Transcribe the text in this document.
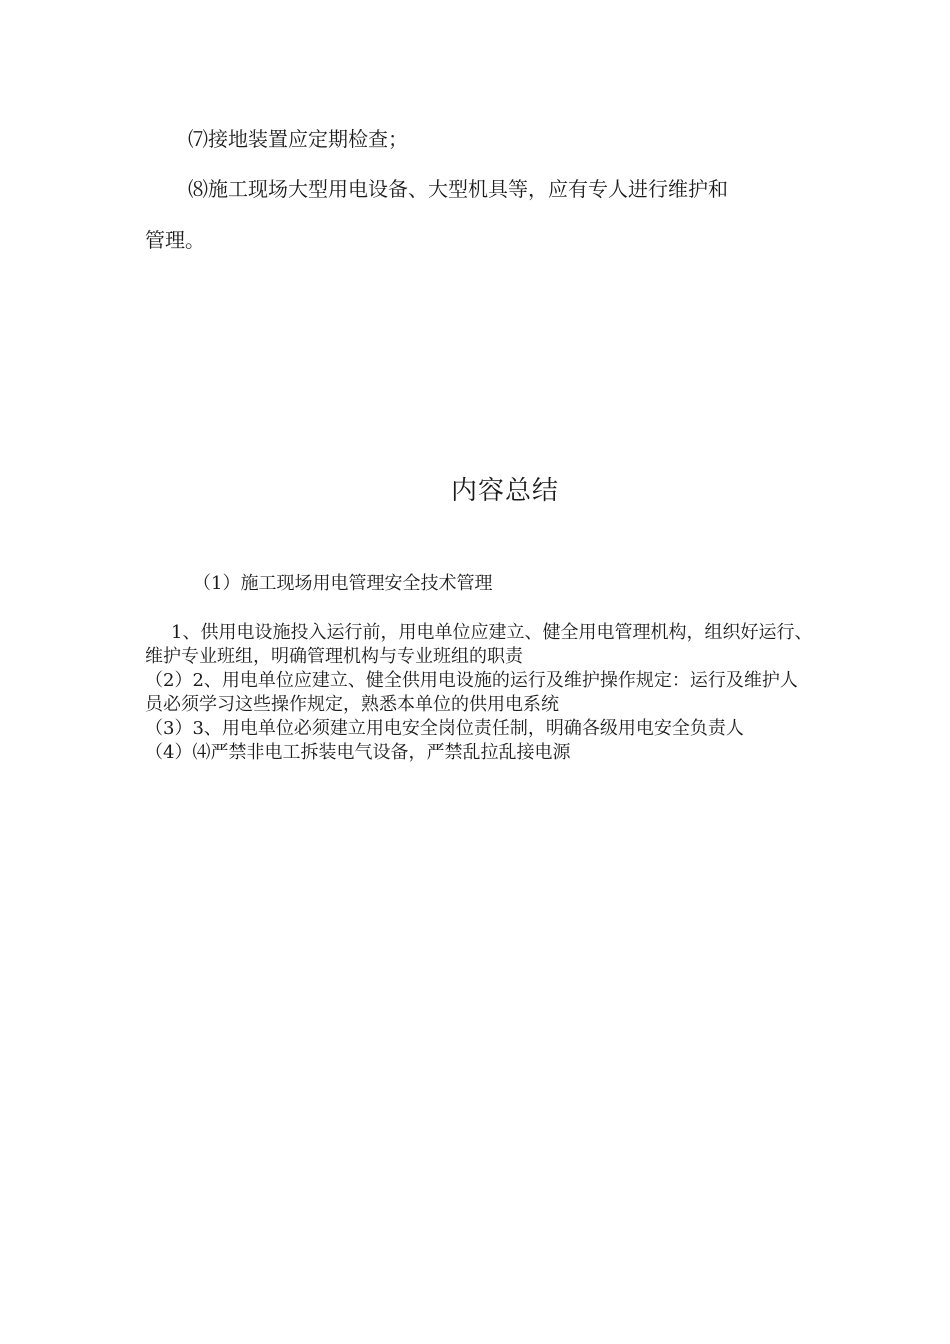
⑺接地装置应定期检查；

⑻施工现场大型用电设备、大型机具等，应有专人进行维护和

管理。

内容总结
（1）施工现场用电管理安全技术管理
1、供用电设施投入运行前，用电单位应建立、健全用电管理机构，组织好运行、维护专业班组，明确管理机构与专业班组的职责
（2）2、用电单位应建立、健全供用电设施的运行及维护操作规定：运行及维护人员必须学习这些操作规定，熟悉本单位的供用电系统
（3）3、用电单位必须建立用电安全岗位责任制，明确各级用电安全负责人
（4）⑷严禁非电工拆装电气设备，严禁乱拉乱接电源
